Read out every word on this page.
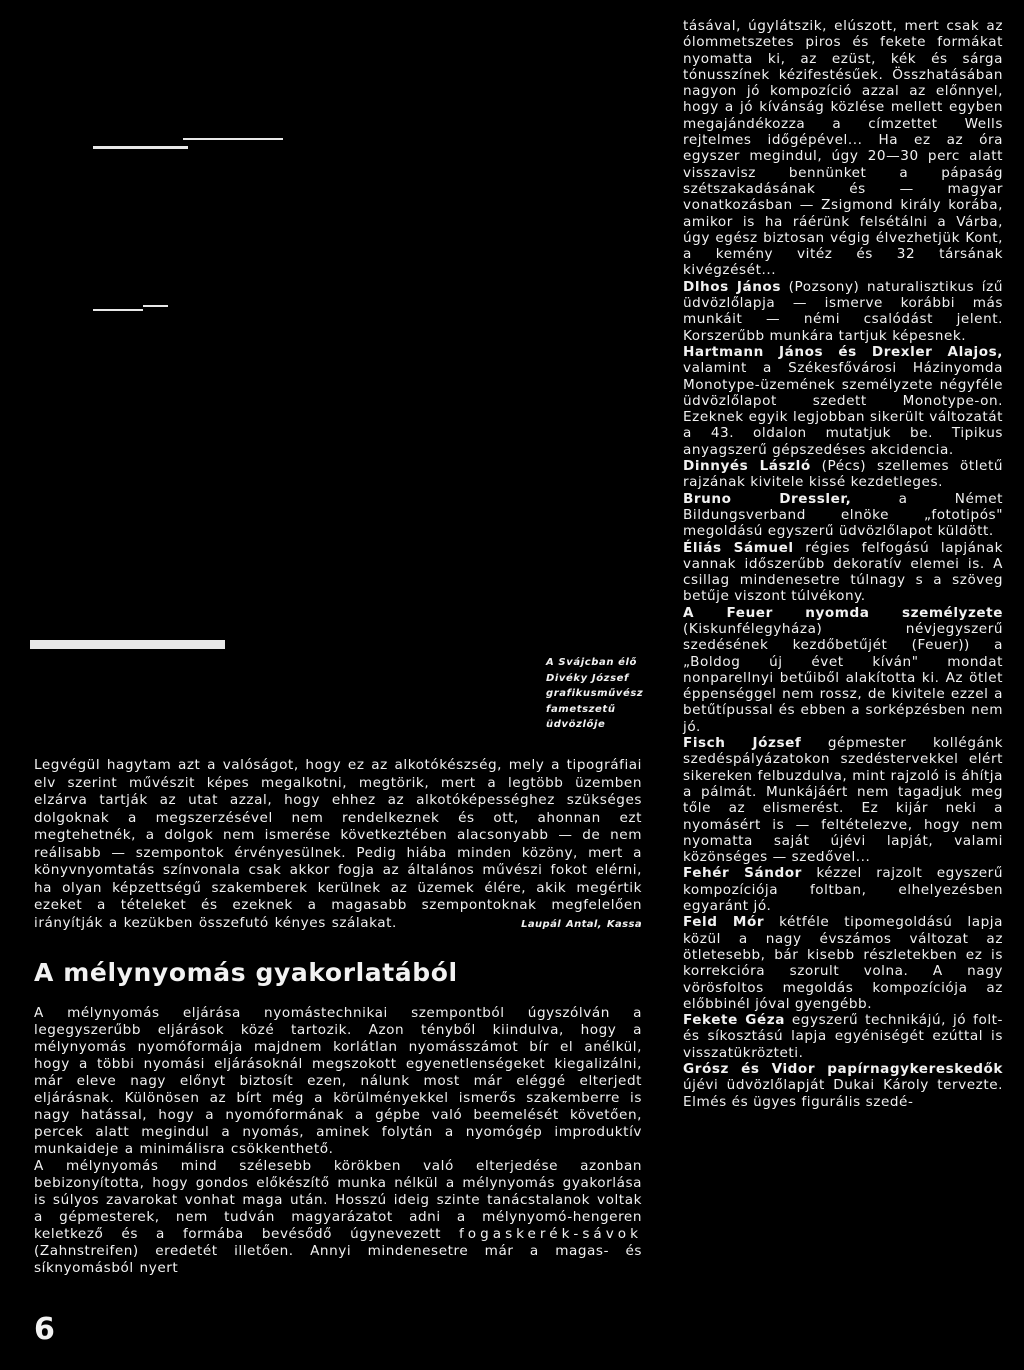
tásával, úgylátszik, elúszott, mert csak az ólommetszetes piros és fekete formákat nyomatta ki, az ezüst, kék és sárga tónusszínek kézifestésűek. Összhatásában nagyon jó kompozíció azzal az előnnyel, hogy a jó kívánság közlése mellett egyben megajándékozza a címzettet Wells rejtelmes időgépével... Ha ez az óra egyszer megindul, úgy 20—30 perc alatt visszavisz bennünket a pápaság szétszakadásának és — magyar vonatkozásban — Zsigmond király korába, amikor is ha ráérünk felsétálni a Várba, úgy egész biztosan végig élvezhetjük Kont, a kemény vitéz és 32 társának kivégzését...

Dlhos János (Pozsony) naturalisztikus ízű üdvözlőlapja — ismerve korábbi más munkáit — némi csalódást jelent. Korszerűbb munkára tartjuk képesnek.

Hartmann János és Drexler Alajos, valamint a Székesfővárosi Házinyomda Monotype-üzemének személyzete négyféle üdvözlőlapot szedett Monotype-on. Ezeknek egyik legjobban sikerült változatát a 43. oldalon mutatjuk be. Tipikus anyagszerű gépszedéses akcidencia.

Dinnyés László (Pécs) szellemes ötletű rajzának kivitele kissé kezdetleges.

Bruno Dressler, a Német Bildungsverband elnöke „fototipós" megoldású egyszerű üdvözlőlapot küldött.

Éliás Sámuel régies felfogású lapjának vannak időszerűbb dekoratív elemei is. A csillag mindenesetre túlnagy s a szöveg betűje viszont túlvékony.

A Feuer nyomda személyzete (Kiskunfélegyháza) névjegyszerű szedésének kezdőbetűjét (Feuer)) a „Boldog új évet kíván" mondat nonparellnyi betűiből alakította ki. Az ötlet éppenséggel nem rossz, de kivitele ezzel a betűtípussal és ebben a sorképzésben nem jó.

Fisch József gépmester kollégánk szedéspályázatokon szedéstervekkel elért sikereken felbuzdulva, mint rajzoló is áhítja a pálmát. Munkájáért nem tagadjuk meg tőle az elismerést. Ez kijár neki a nyomásért is — feltételezve, hogy nem nyomatta saját újévi lapját, valami közönséges — szedővel...

Fehér Sándor kézzel rajzolt egyszerű kompozíciója foltban, elhelyezésben egyaránt jó.

Feld Mór kétféle tipomegoldású lapja közül a nagy évszámos változat az ötletesebb, bár kisebb részletekben ez is korrekcióra szorult volna. A nagy vörösfoltos megoldás kompozíciója az előbbinél jóval gyengébb.

Fekete Géza egyszerű technikájú, jó folt- és síkosztású lapja egyéniségét ezúttal is visszatükrözteti.

Grósz és Vidor papírnagykereskedők újévi üdvözlőlapját Dukai Károly tervezte. Elmés és ügyes figurális szedé-

A Svájcban élő
Divéky József
grafikusművész
fametszetű
üdvözlője

Legvégül hagytam azt a valóságot, hogy ez az alkotókészség, mely a tipográfiai elv szerint művészit képes megalkotni, megtörik, mert a legtöbb üzemben elzárva tartják az utat azzal, hogy ehhez az alkotóképességhez szükséges dolgoknak a megszerzésével nem rendelkeznek és ott, ahonnan ezt megtehetnék, a dolgok nem ismerése következtében alacsonyabb — de nem reálisabb — szempontok érvényesülnek. Pedig hiába minden közöny, mert a könyvnyomtatás színvonala csak akkor fogja az általános művészi fokot elérni, ha olyan képzettségű szakemberek kerülnek az üzemek élére, akik megértik ezeket a tételeket és ezeknek a magasabb szempontoknak megfelelően irányítják a kezükben összefutó kényes szálakat.	Laupál Antal, Kassa

A mélynyomás gyakorlatából

A mélynyomás eljárása nyomástechnikai szempontból úgyszólván a legegyszerűbb eljárások közé tartozik. Azon tényből kiindulva, hogy a mélynyomás nyomóformája majdnem korlátlan nyomásszámot bír el anélkül, hogy a többi nyomási eljárásoknál megszokott egyenetlenségeket kiegalizálni, már eleve nagy előnyt biztosít ezen, nálunk most már eléggé elterjedt eljárásnak. Különösen az bírt még a körülményekkel ismerős szakemberre is nagy hatással, hogy a nyomóformának a gépbe való beemelését követően, percek alatt megindul a nyomás, aminek folytán a nyomógép improduktív munkaideje a minimálisra csökkenthető.

A mélynyomás mind szélesebb körökben való elterjedése azonban bebizonyította, hogy gondos előkészítő munka nélkül a mélynyomás gyakorlása is súlyos zavarokat vonhat maga után. Hosszú ideig szinte tanácstalanok voltak a gépmesterek, nem tudván magyarázatot adni a mélynyomó-hengeren keletkező és a formába bevésődő úgynevezett fogaskerék-sávok (Zahnstreifen) eredetét illetően. Annyi mindenesetre már a magas- és síknyomásból nyert

6
